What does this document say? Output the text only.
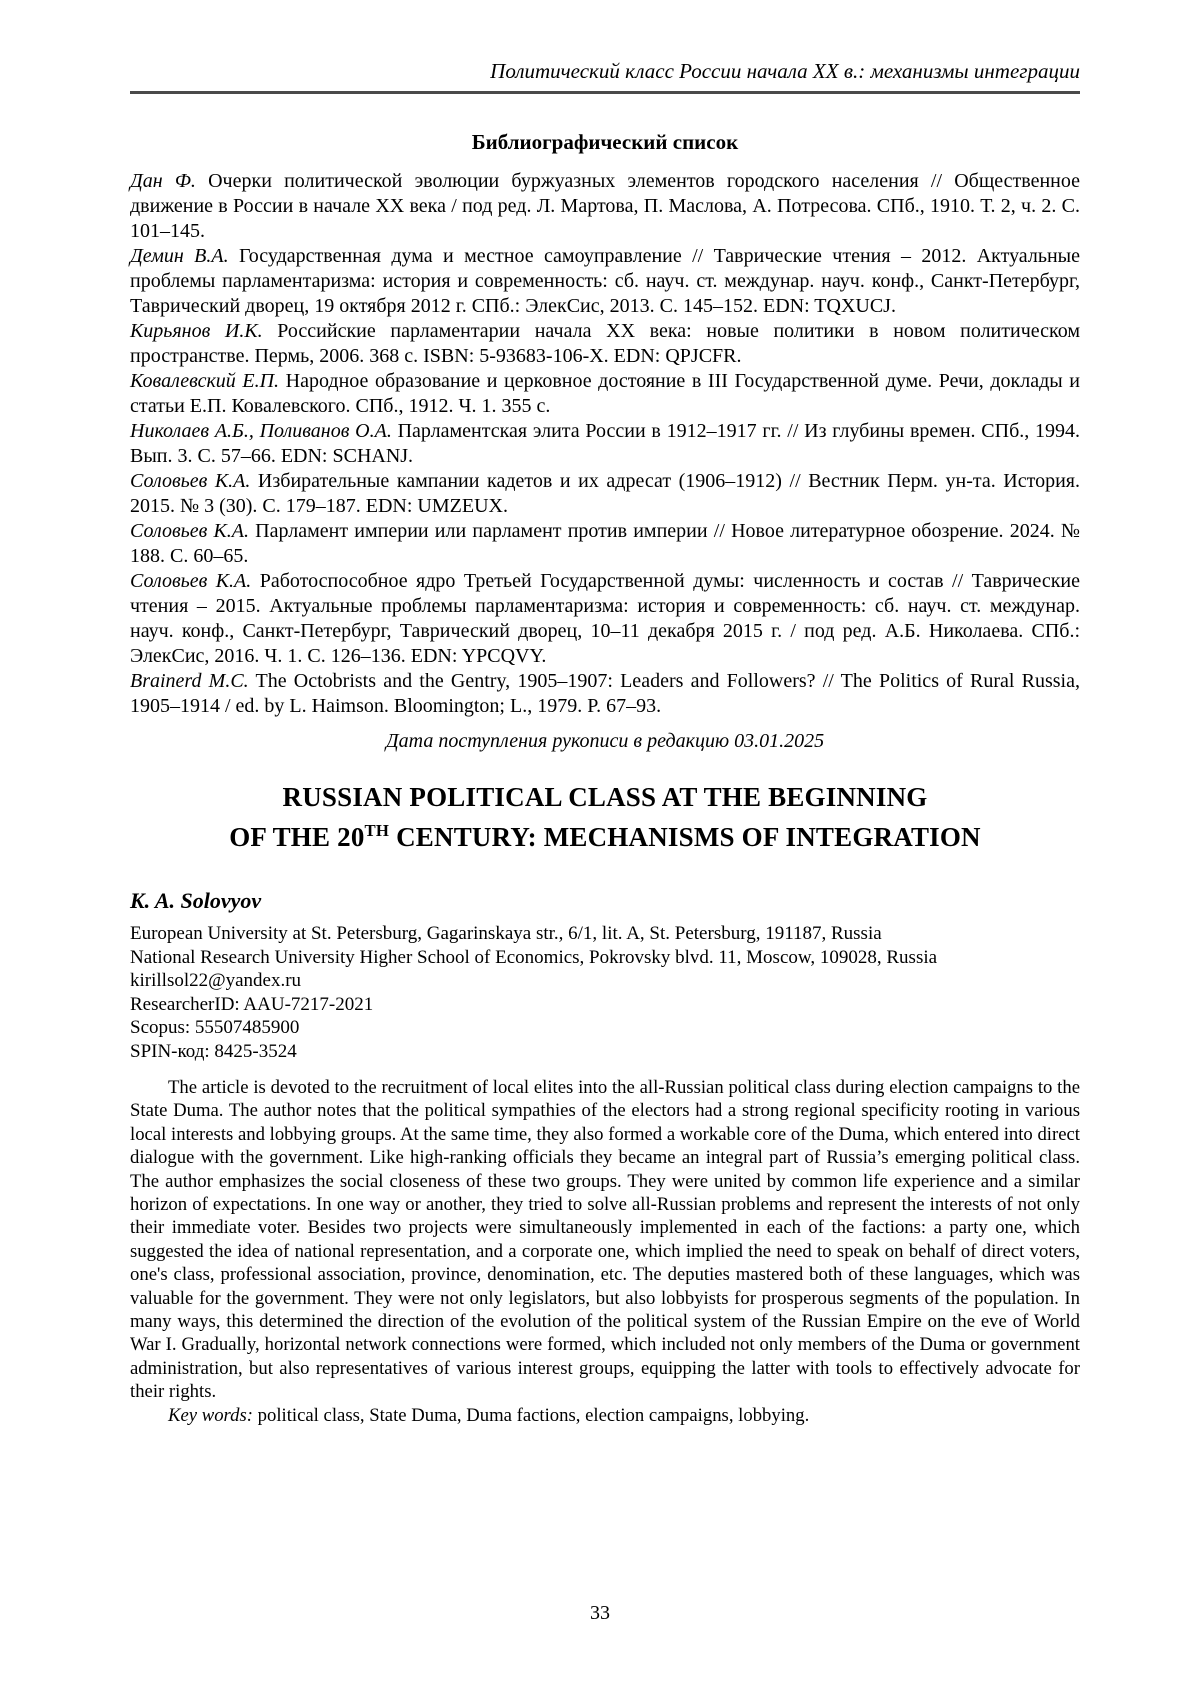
Политический класс России начала XX в.: механизмы интеграции
Библиографический список

Дан Ф. Очерки политической эволюции буржуазных элементов городского населения // Общественное движение в России в начале XX века / под ред. Л. Мартова, П. Маслова, А. Потресова. СПб., 1910. Т. 2, ч. 2. С. 101–145.

Демин В.А. Государственная дума и местное самоуправление // Таврические чтения – 2012. Актуальные проблемы парламентаризма: история и современность: сб. науч. ст. междунар. науч. конф., Санкт-Петербург, Таврический дворец, 19 октября 2012 г. СПб.: ЭлекСис, 2013. С. 145–152. EDN: TQXUCJ.

Кирьянов И.К. Российские парламентарии начала XX века: новые политики в новом политическом пространстве. Пермь, 2006. 368 с. ISBN: 5-93683-106-X. EDN: QPJCFR.

Ковалевский Е.П. Народное образование и церковное достояние в III Государственной думе. Речи, доклады и статьи Е.П. Ковалевского. СПб., 1912. Ч. 1. 355 с.

Николаев А.Б., Поливанов О.А. Парламентская элита России в 1912–1917 гг. // Из глубины времен. СПб., 1994. Вып. 3. С. 57–66. EDN: SCHANJ.

Соловьев К.А. Избирательные кампании кадетов и их адресат (1906–1912) // Вестник Перм. ун-та. История. 2015. № 3 (30). С. 179–187. EDN: UMZEUX.

Соловьев К.А. Парламент империи или парламент против империи // Новое литературное обозрение. 2024. № 188. С. 60–65.

Соловьев К.А. Работоспособное ядро Третьей Государственной думы: численность и состав // Таврические чтения – 2015. Актуальные проблемы парламентаризма: история и современность: сб. науч. ст. междунар. науч. конф., Санкт-Петербург, Таврический дворец, 10–11 декабря 2015 г. / под ред. А.Б. Николаева. СПб.: ЭлекСис, 2016. Ч. 1. С. 126–136. EDN: YPCQVY.

Brainerd M.C. The Octobrists and the Gentry, 1905–1907: Leaders and Followers? // The Politics of Rural Russia, 1905–1914 / ed. by L. Haimson. Bloomington; L., 1979. P. 67–93.

Дата поступления рукописи в редакцию 03.01.2025
RUSSIAN POLITICAL CLASS AT THE BEGINNING
OF THE 20TH CENTURY: MECHANISMS OF INTEGRATION
K. A. Solovyov
European University at St. Petersburg, Gagarinskaya str., 6/1, lit. A, St. Petersburg, 191187, Russia
National Research University Higher School of Economics, Pokrovsky blvd. 11, Moscow, 109028, Russia
kirillsol22@yandex.ru
ResearcherID: AAU-7217-2021
Scopus: 55507485900
SPIN-код: 8425-3524

The article is devoted to the recruitment of local elites into the all-Russian political class during election campaigns to the State Duma. The author notes that the political sympathies of the electors had a strong regional specificity rooting in various local interests and lobbying groups. At the same time, they also formed a workable core of the Duma, which entered into direct dialogue with the government. Like high-ranking officials they became an integral part of Russia’s emerging political class. The author emphasizes the social closeness of these two groups. They were united by common life experience and a similar horizon of expectations. In one way or another, they tried to solve all-Russian problems and represent the interests of not only their immediate voter. Besides two projects were simultaneously implemented in each of the factions: a party one, which suggested the idea of national representation, and a corporate one, which implied the need to speak on behalf of direct voters, one's class, professional association, province, denomination, etc. The deputies mastered both of these languages, which was valuable for the government. They were not only legislators, but also lobbyists for prosperous segments of the population. In many ways, this determined the direction of the evolution of the political system of the Russian Empire on the eve of World War I. Gradually, horizontal network connections were formed, which included not only members of the Duma or government administration, but also representatives of various interest groups, equipping the latter with tools to effectively advocate for their rights.

Key words: political class, State Duma, Duma factions, election campaigns, lobbying.

33
